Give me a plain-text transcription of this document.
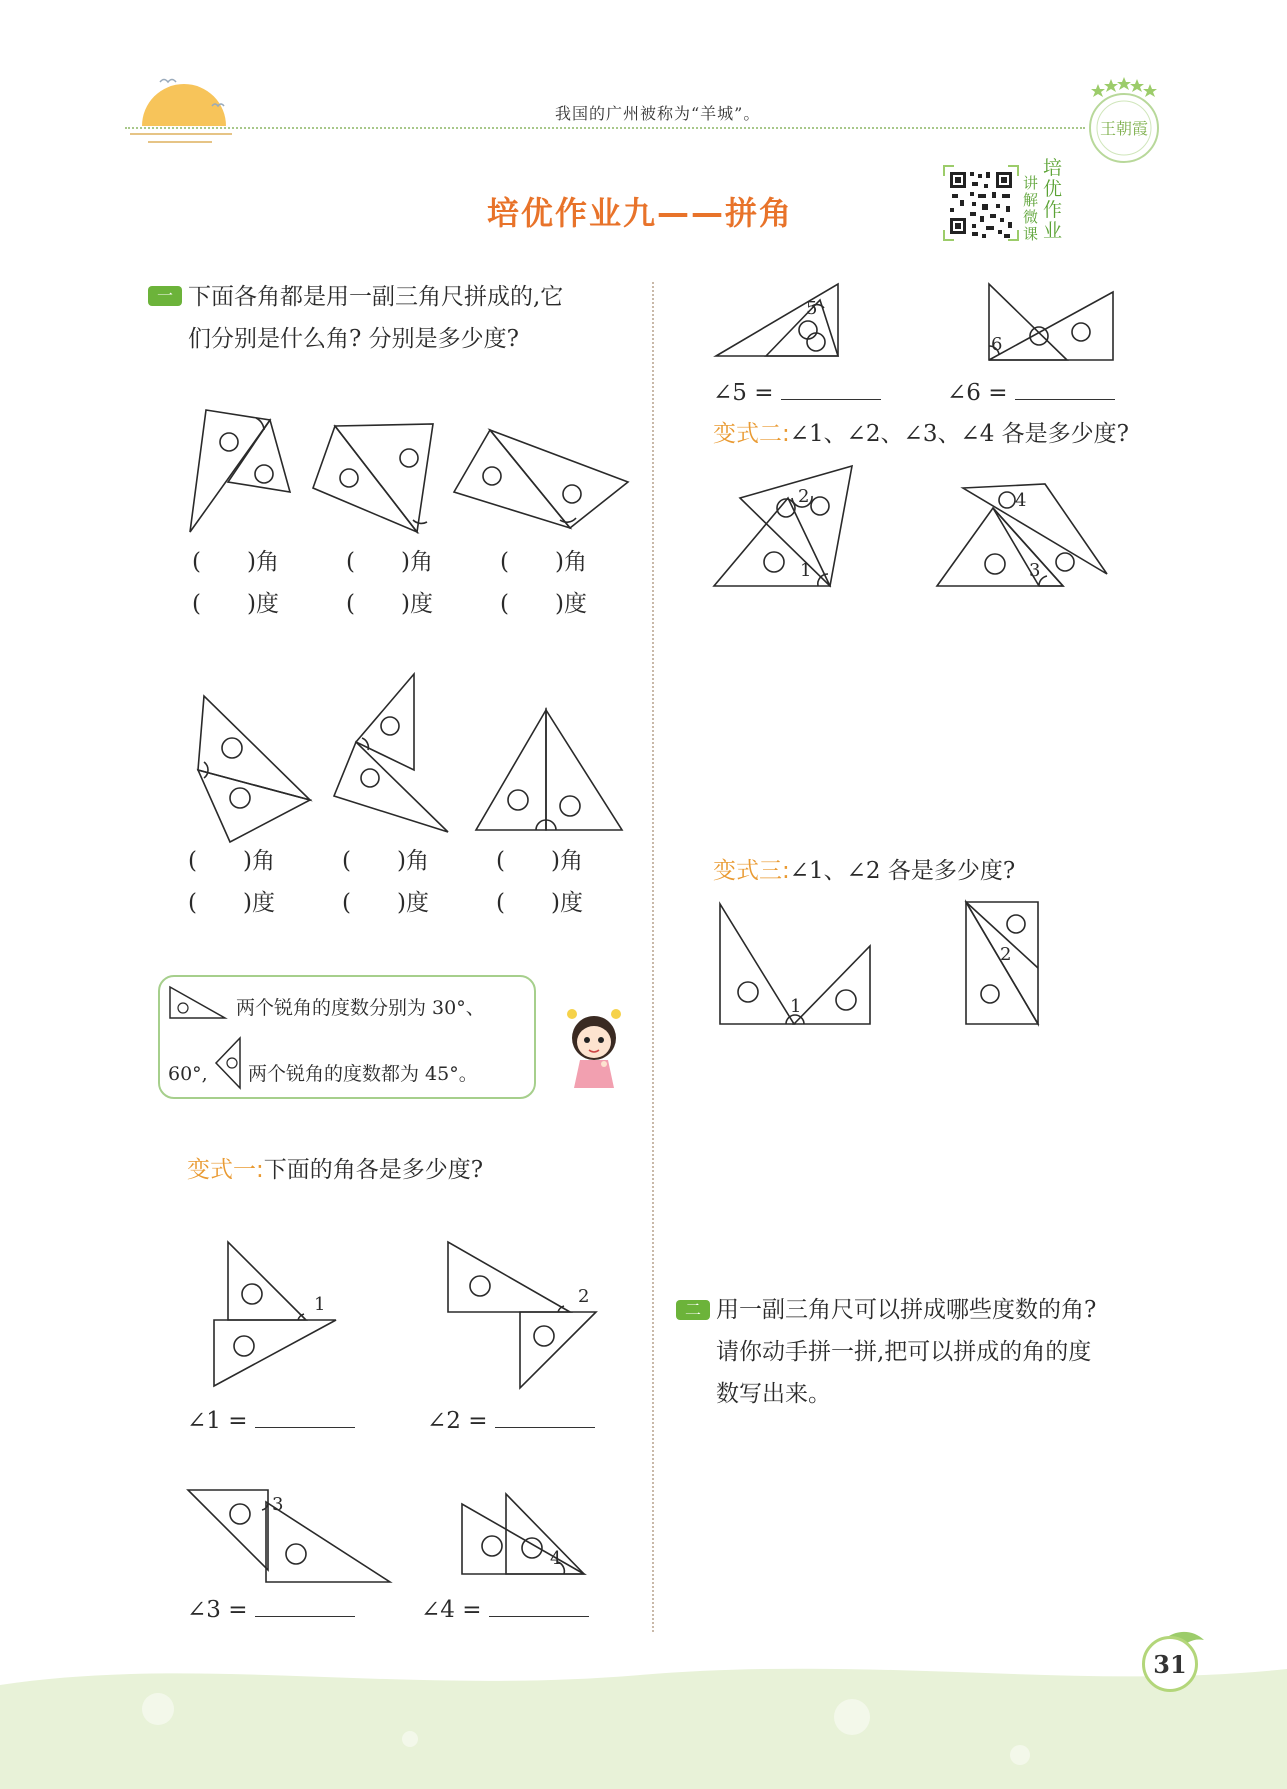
我国的广州被称为“羊城”。
王朝霞
培优作业九——拼角
培优作业
讲解微课
一 下面各角都是用一副三角尺拼成的,它
们分别是什么角? 分别是多少度?
(　　)角
(　　)度
(　　)角
(　　)度
(　　)角
(　　)度
(　　)角
(　　)度
(　　)角
(　　)度
(　　)角
(　　)度
两个锐角的度数分别为 30°、
60°, 两个锐角的度数都为 45°。
变式一:下面的角各是多少度?
1	2
∠1 =	∠2 =
3
4
∠3 =	∠4 =
5
6
∠5 =	∠6 =
变式二:∠1、∠2、∠3、∠4 各是多少度?
2
1
4
3
变式三:∠1、∠2 各是多少度?
1
2
二 用一副三角尺可以拼成哪些度数的角?
请你动手拼一拼,把可以拼成的角的度
数写出来。
31
